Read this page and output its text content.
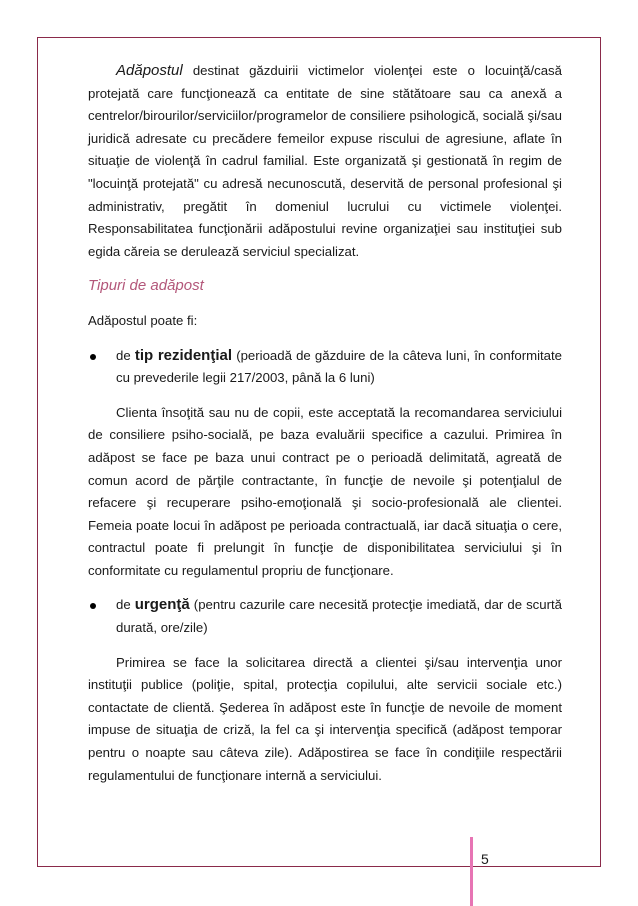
Adăpostul destinat găzduirii victimelor violenţei este o locuinţă/casă protejată care funcţionează ca entitate de sine stătătoare sau ca anexă a centrelor/birourilor/serviciilor/programelor de consiliere psihologică, socială şi/sau juridică adresate cu precădere femeilor expuse riscului de agresiune, aflate în situaţie de violenţă în cadrul familial. Este organizată şi gestionată în regim de "locuinţă protejată" cu adresă necunoscută, deservită de personal profesional şi administrativ, pregătit în domeniul lucrului cu victimele violenţei. Responsabilitatea funcţionării adăpostului revine organizaţiei sau instituţiei sub egida căreia se derulează serviciul specializat.

Tipuri de adăpost

Adăpostul poate fi:

de tip rezidenţial (perioadă de găzduire de la câteva luni, în conformitate cu prevederile legii 217/2003, până la 6 luni)

Clienta însoţită sau nu de copii, este acceptată la recomandarea serviciului de consiliere psiho-socială, pe baza evaluării specifice a cazului. Primirea în adăpost se face pe baza unui contract pe o perioadă delimitată, agreată de comun acord de părţile contractante, în funcţie de nevoile şi potenţialul de refacere şi recuperare psiho-emoţională şi socio-profesională ale clientei. Femeia poate locui în adăpost pe perioada contractuală, iar dacă situaţia o cere, contractul poate fi prelungit în funcţie de disponibilitatea serviciului şi în conformitate cu regulamentul propriu de funcţionare.

de urgenţă (pentru cazurile care necesită protecţie imediată, dar de scurtă durată, ore/zile)

Primirea se face la solicitarea directă a clientei şi/sau intervenţia unor instituţii publice (poliţie, spital, protecţia copilului, alte servicii sociale etc.) contactate de clientă. Şederea în adăpost este în funcţie de nevoile de moment impuse de situaţia de criză, la fel ca şi intervenţia specifică (adăpost temporar pentru o noapte sau câteva zile). Adăpostirea se face în condiţiile respectării regulamentului de funcţionare internă a serviciului.

5
